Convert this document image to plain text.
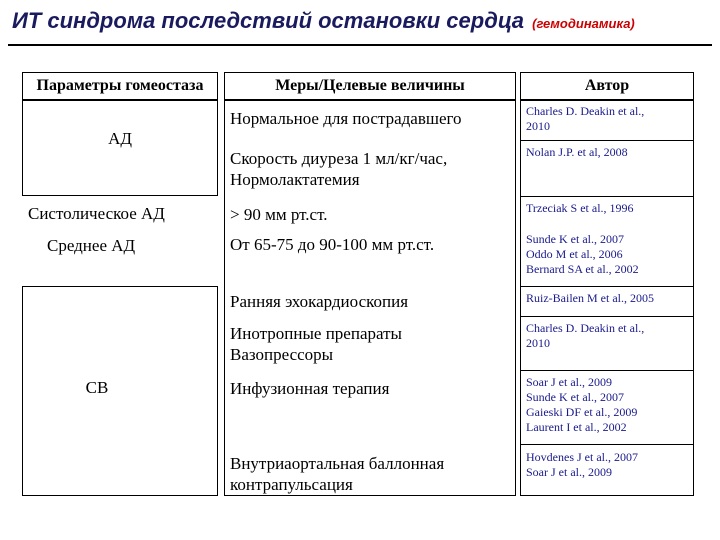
ИТ синдрома последствий остановки сердца (гемодинамика)
Параметры гомеостаза	Меры/Целевые величины	Автор
АД
Систолическое АД
Среднее АД
СВ
Нормальное для пострадавшего
Скорость диуреза 1 мл/кг/час,
Нормолактатемия
> 90 мм рт.ст.
От 65-75 до 90-100 мм рт.ст.
Ранняя эхокардиоскопия
Инотропные препараты
Вазопрессоры
Инфузионная терапия
Внутриаортальная баллонная
контрапульсация
Charles D. Deakin et al.,
2010
Nolan J.P. et al, 2008
Trzeciak S et al., 1996
Sunde K et al., 2007
Oddo M et al., 2006
Bernard SA et al., 2002
Ruiz-Bailen M et al., 2005
Charles D. Deakin et al.,
2010
Soar J et al., 2009
Sunde K et al., 2007
Gaieski DF et al., 2009
Laurent I et al., 2002
Hovdenes J et al., 2007
Soar J et al., 2009
